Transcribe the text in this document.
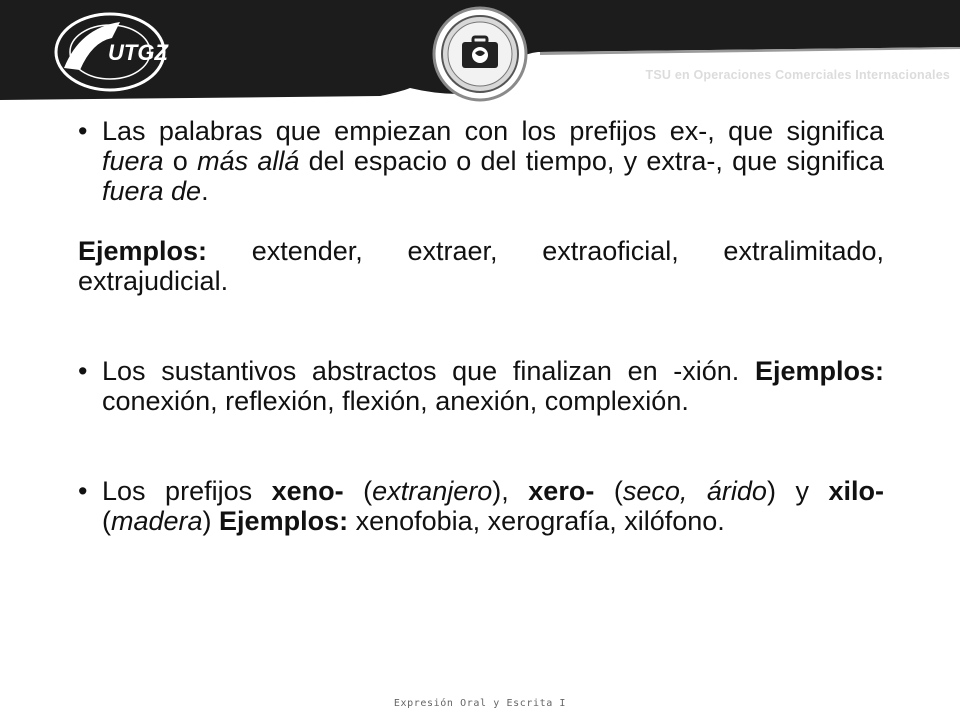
UTGZ
TSU en Operaciones Comerciales Internacionales

• Las palabras que empiezan con los prefijos ex-, que significa fuera o más allá del espacio o del tiempo, y extra-, que significa fuera de.

Ejemplos: extender, extraer, extraoficial, extralimitado, extrajudicial.

• Los sustantivos abstractos que finalizan en -xión. Ejemplos: conexión, reflexión, flexión, anexión, complexión.

• Los prefijos xeno- (extranjero), xero- (seco, árido) y xilo- (madera) Ejemplos: xenofobia, xerografía, xilófono.

Expresión Oral y Escrita I
